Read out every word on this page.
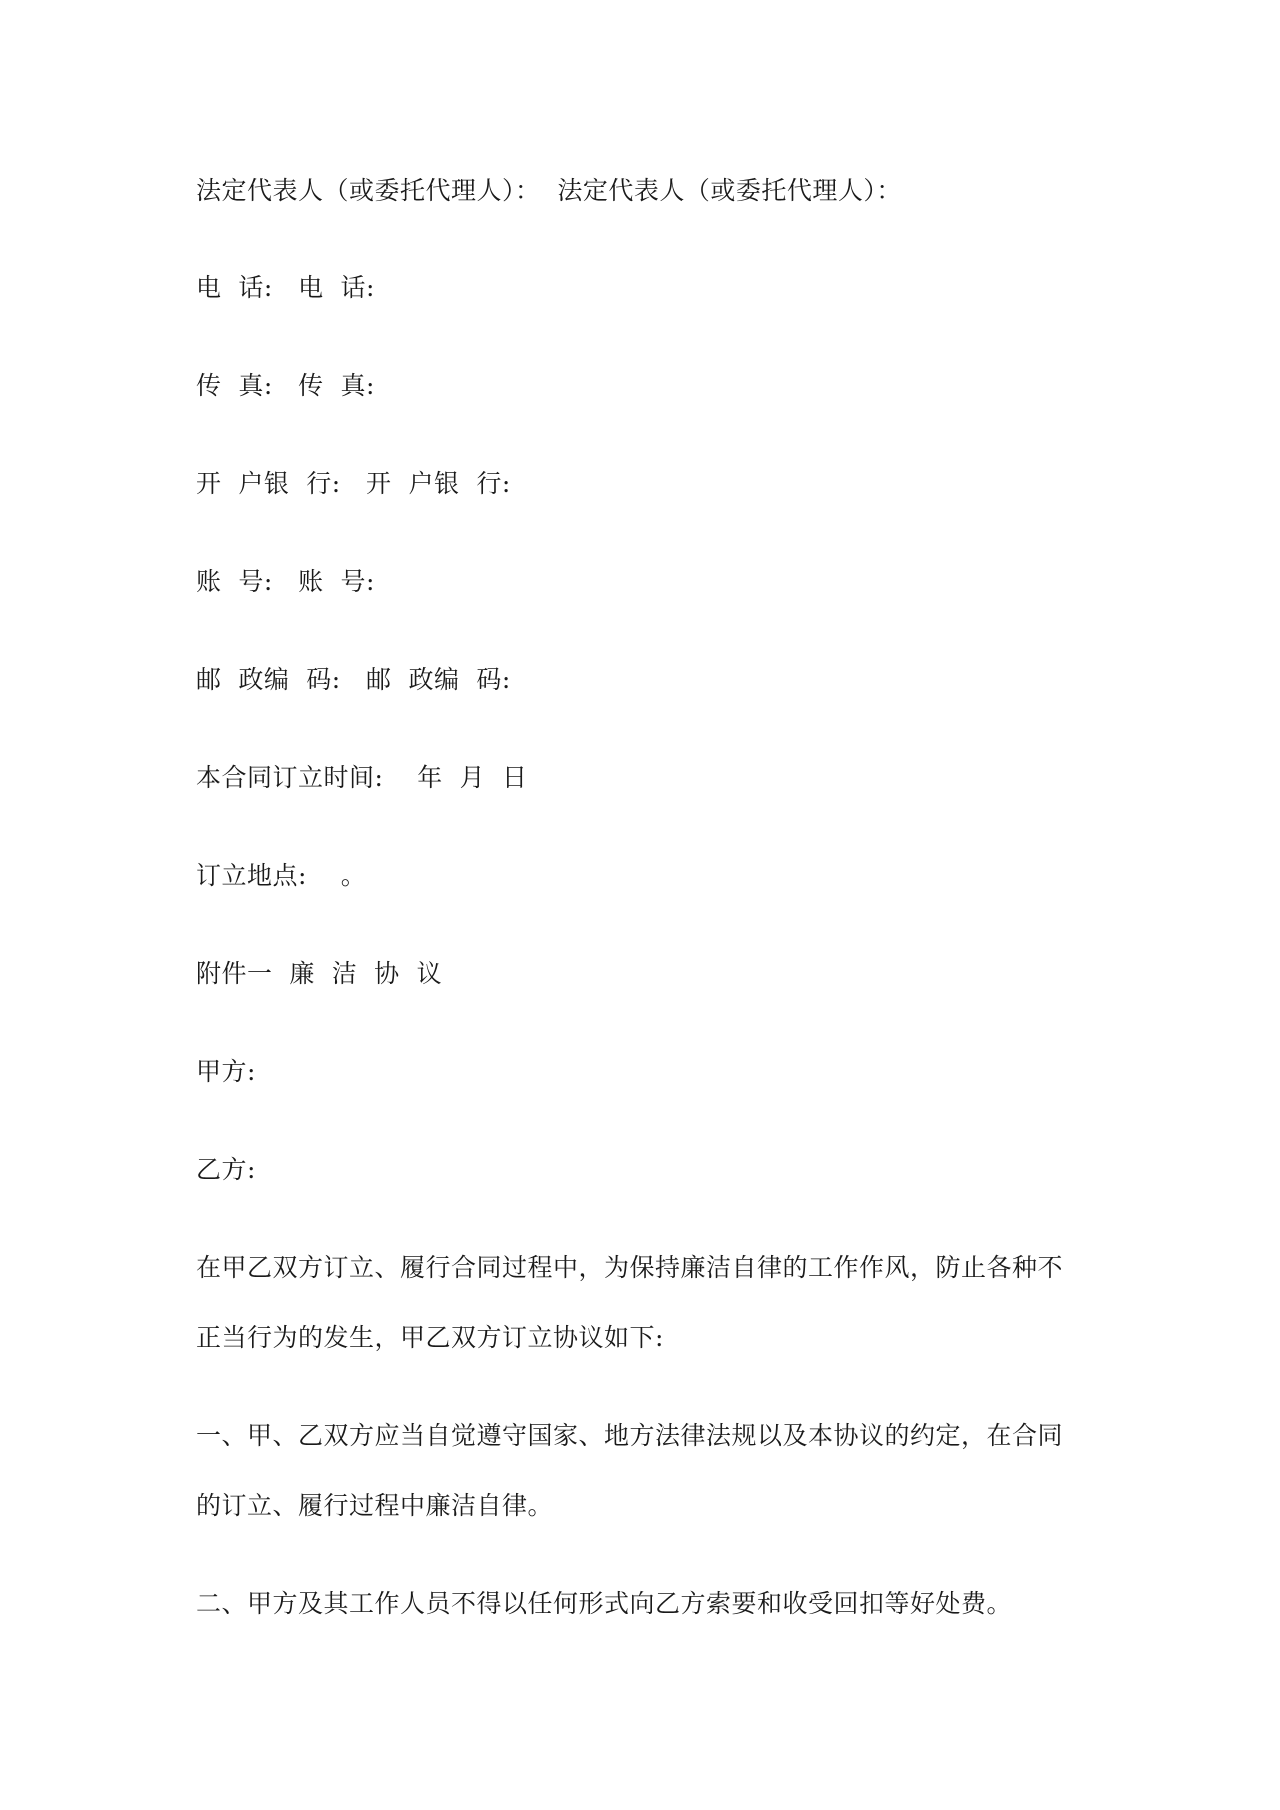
法定代表人（或委托代理人）：  法定代表人（或委托代理人）：
电  话:   电  话:
传  真:   传  真:
开  户银  行:   开  户银  行:
账  号:   账  号:
邮  政编  码:   邮  政编  码:
本合同订立时间:    年  月  日
订立地点:    。
附件一  廉  洁  协  议
甲方:
乙方:
在甲乙双方订立、履行合同过程中，为保持廉洁自律的工作作风，防止各种不
正当行为的发生，甲乙双方订立协议如下:
一、甲、乙双方应当自觉遵守国家、地方法律法规以及本协议的约定，在合同
的订立、履行过程中廉洁自律。
二、甲方及其工作人员不得以任何形式向乙方索要和收受回扣等好处费。
